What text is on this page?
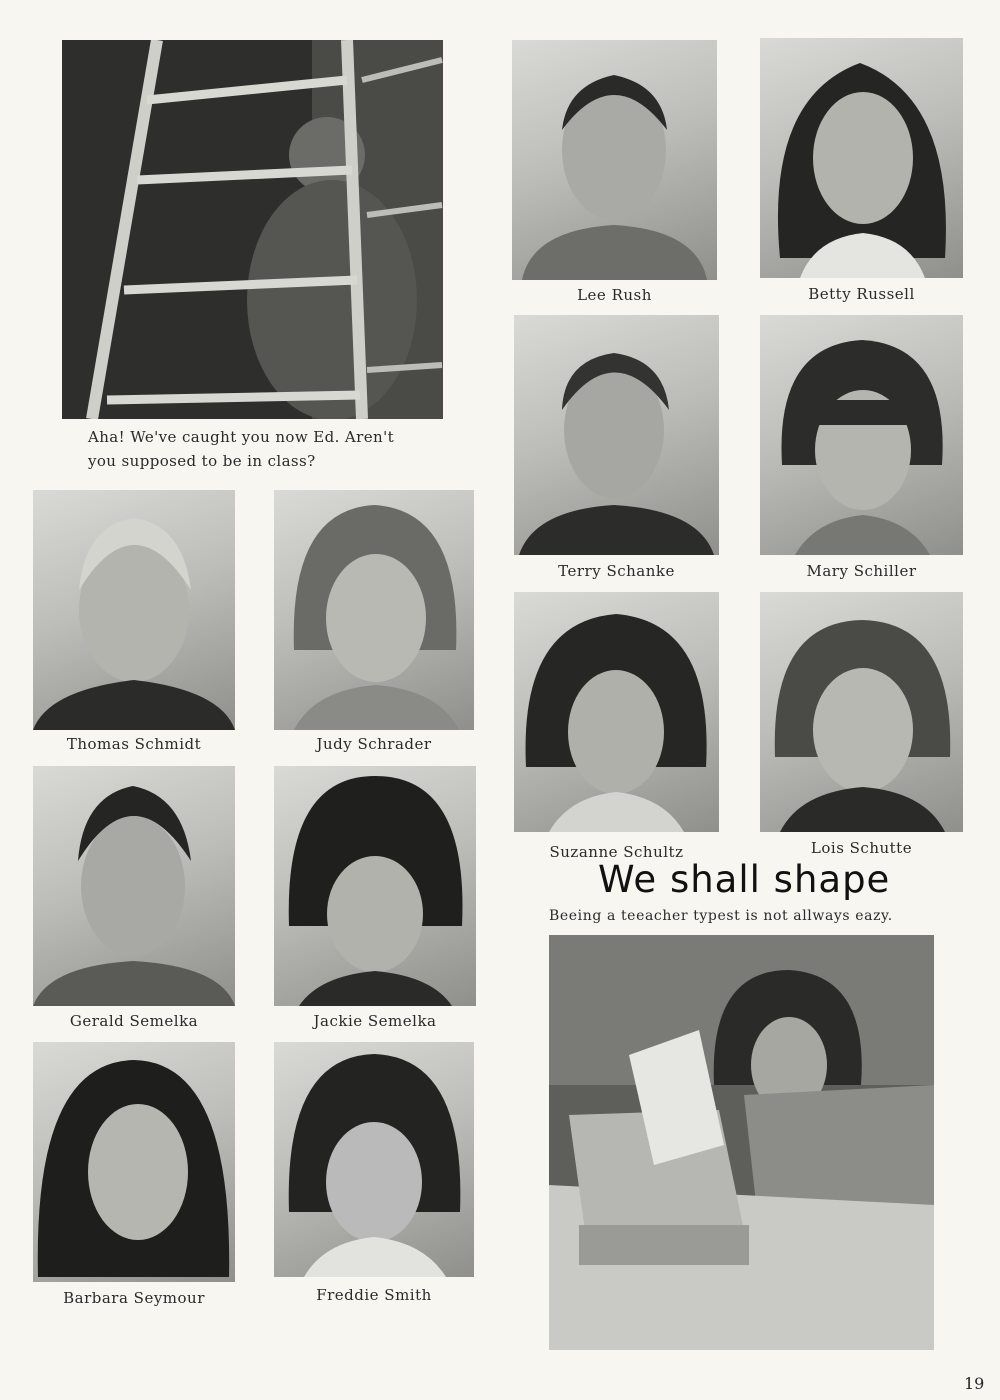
Aha! We've caught you now Ed. Aren't
you supposed to be in class?
Lee Rush	Betty Russell
Terry Schanke	Mary Schiller
Suzanne Schultz	Lois Schutte
Thomas Schmidt	Judy Schrader
Gerald Semelka	Jackie Semelka
Barbara Seymour	Freddie Smith
We shall shape
Beeing a teeacher typest is not allways eazy.
19
